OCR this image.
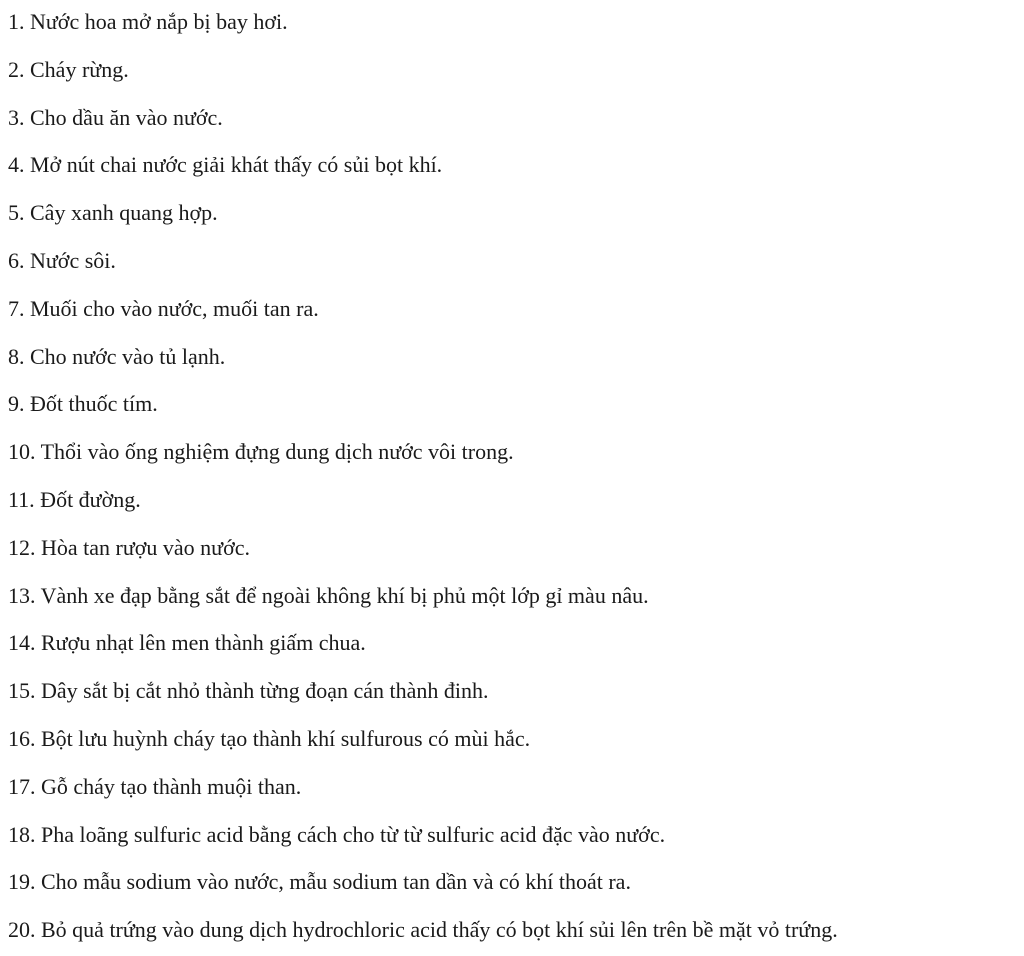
1. Nước hoa mở nắp bị bay hơi.
2. Cháy rừng.
3. Cho dầu ăn vào nước.
4. Mở nút chai nước giải khát thấy có sủi bọt khí.
5. Cây xanh quang hợp.
6. Nước sôi.
7. Muối cho vào nước, muối tan ra.
8. Cho nước vào tủ lạnh.
9. Đốt thuốc tím.
10. Thổi vào ống nghiệm đựng dung dịch nước vôi trong.
11. Đốt đường.
12. Hòa tan rượu vào nước.
13. Vành xe đạp bằng sắt để ngoài không khí bị phủ một lớp gỉ màu nâu.
14. Rượu nhạt lên men thành giấm chua.
15. Dây sắt bị cắt nhỏ thành từng đoạn cán thành đinh.
16. Bột lưu huỳnh cháy tạo thành khí sulfurous có mùi hắc.
17. Gỗ cháy tạo thành muội than.
18. Pha loãng sulfuric acid bằng cách cho từ từ sulfuric acid đặc vào nước.
19. Cho mẫu sodium vào nước, mẫu sodium tan dần và có khí thoát ra.
20. Bỏ quả trứng vào dung dịch hydrochloric acid thấy có bọt khí sủi lên trên bề mặt vỏ trứng.
